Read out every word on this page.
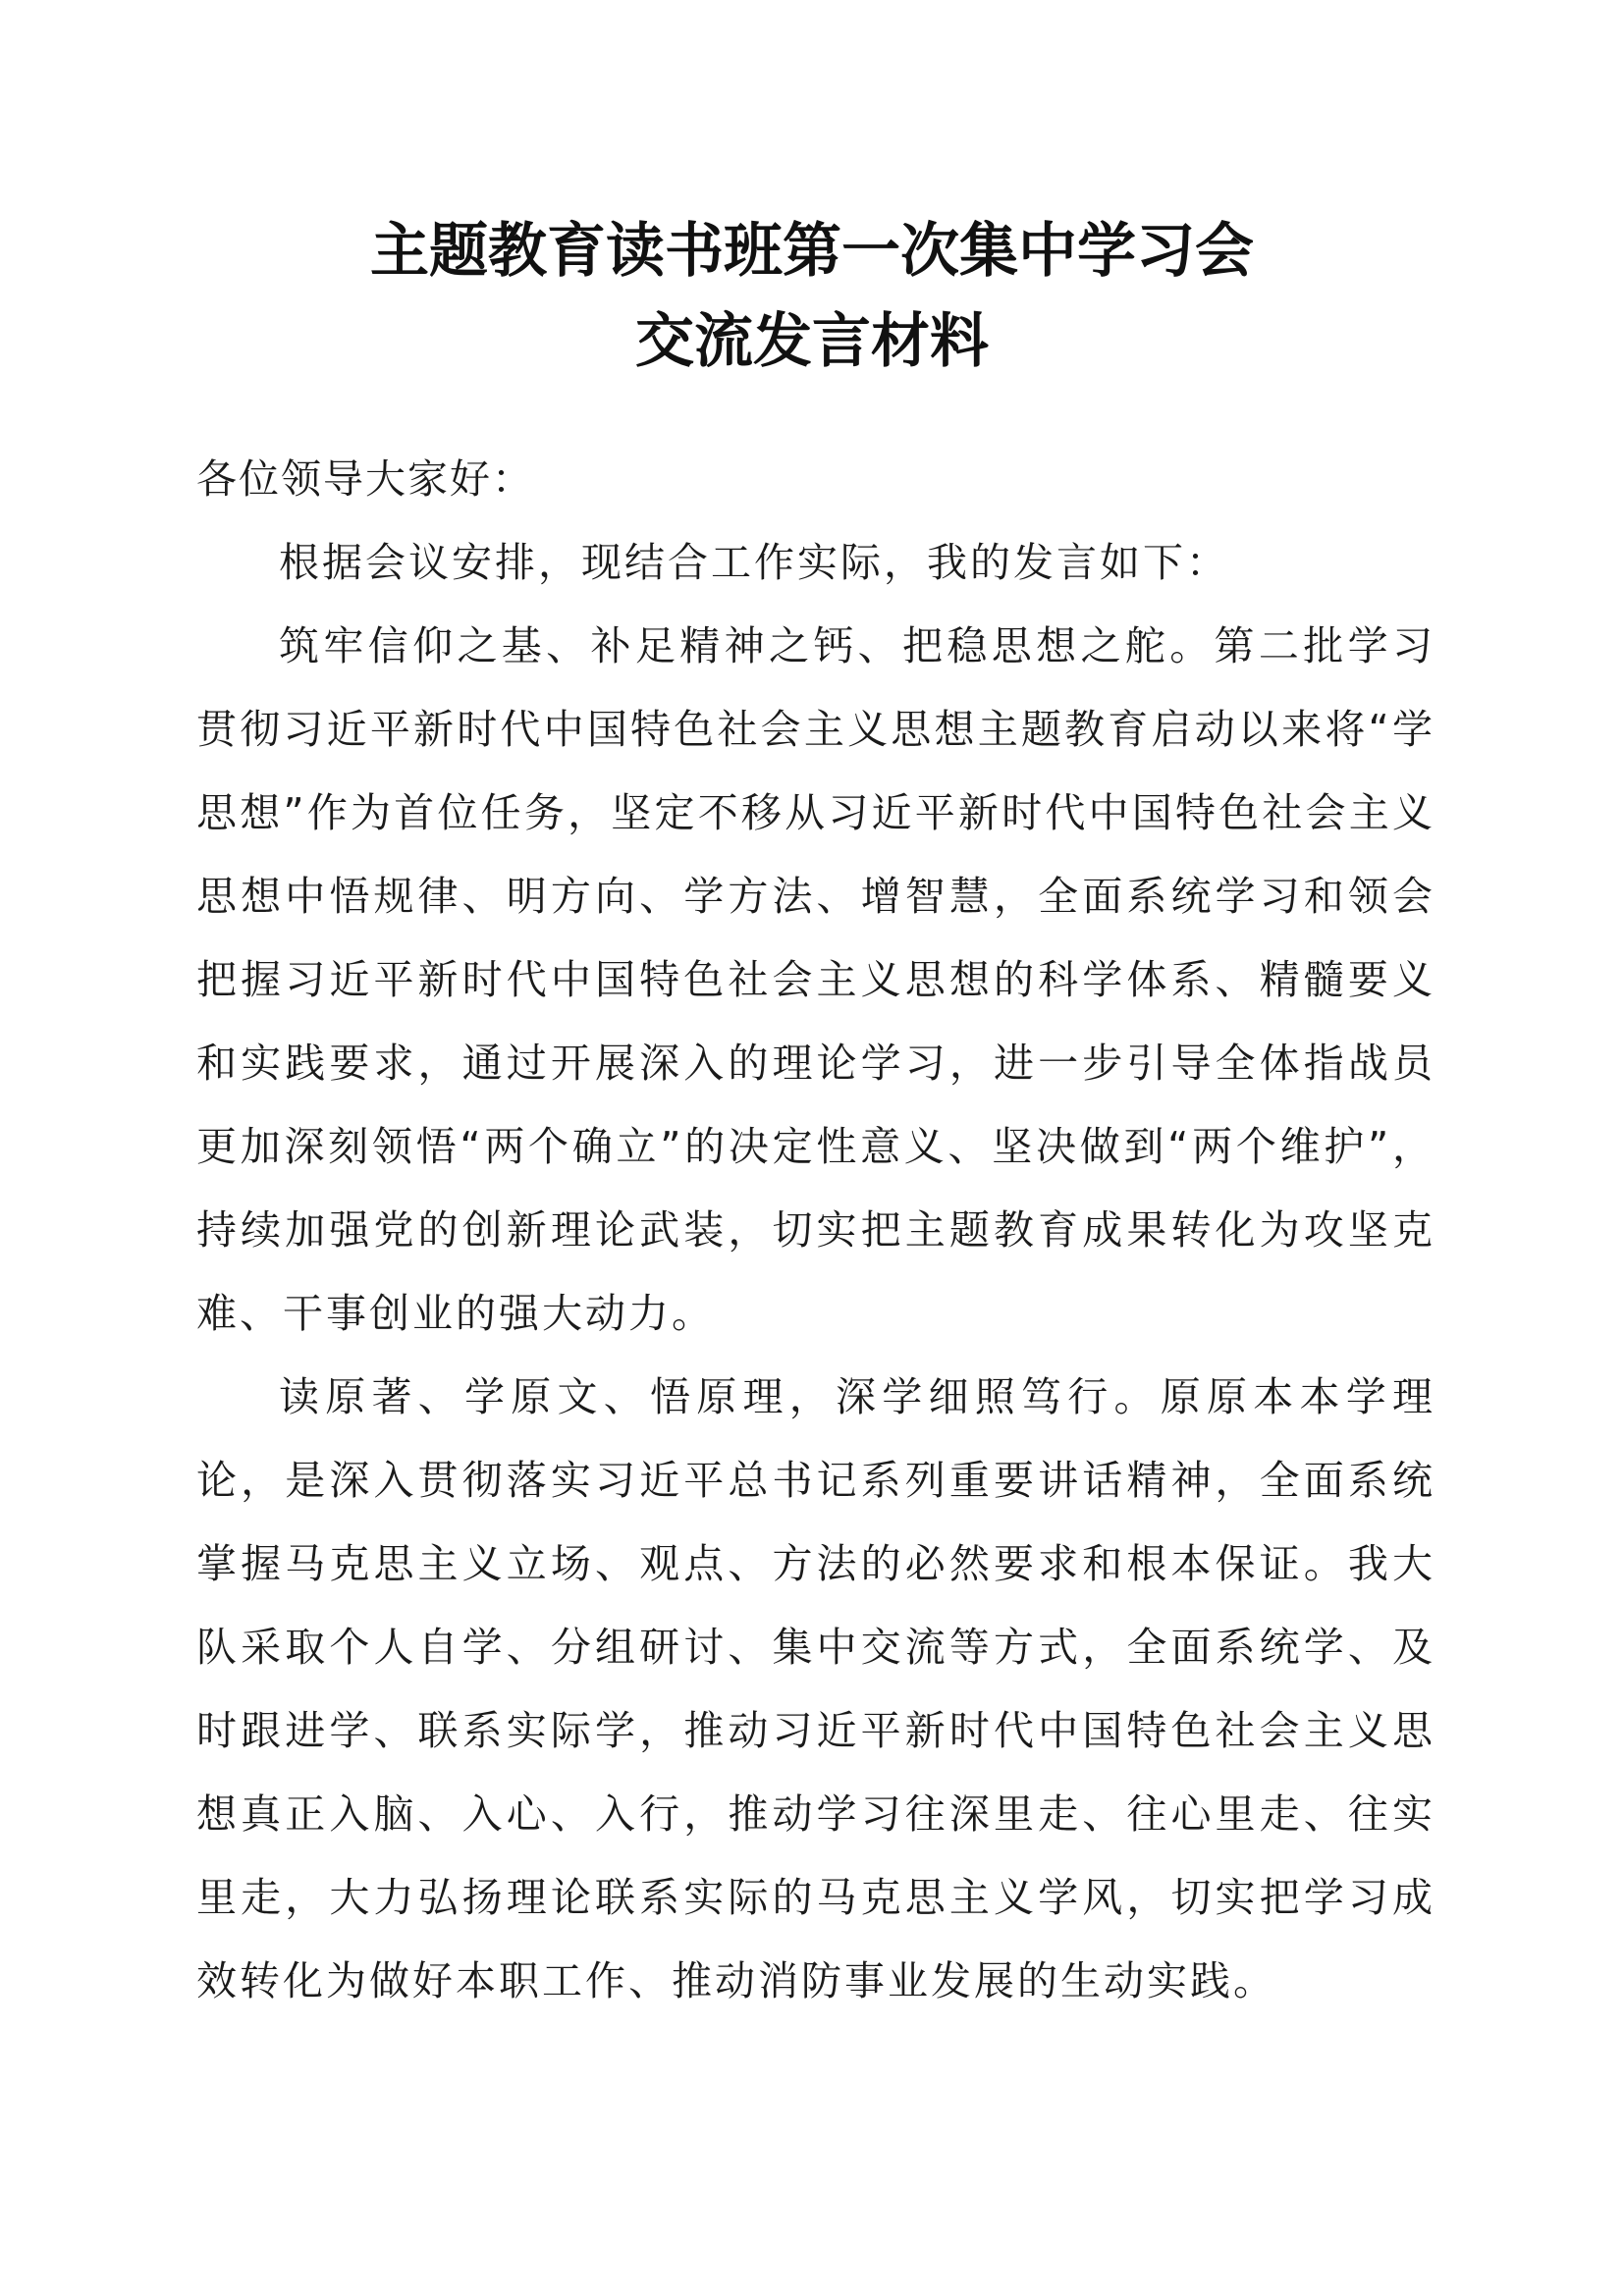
主题教育读书班第一次集中学习会
交流发言材料

各位领导大家好：

根据会议安排，现结合工作实际，我的发言如下：

筑牢信仰之基、补足精神之钙、把稳思想之舵。第二批学习贯彻习近平新时代中国特色社会主义思想主题教育启动以来将“学思想”作为首位任务，坚定不移从习近平新时代中国特色社会主义思想中悟规律、明方向、学方法、增智慧，全面系统学习和领会把握习近平新时代中国特色社会主义思想的科学体系、精髓要义和实践要求，通过开展深入的理论学习，进一步引导全体指战员更加深刻领悟“两个确立”的决定性意义、坚决做到“两个维护”，持续加强党的创新理论武装，切实把主题教育成果转化为攻坚克难、干事创业的强大动力。

读原著、学原文、悟原理，深学细照笃行。原原本本学理论，是深入贯彻落实习近平总书记系列重要讲话精神，全面系统掌握马克思主义立场、观点、方法的必然要求和根本保证。我大队采取个人自学、分组研讨、集中交流等方式，全面系统学、及时跟进学、联系实际学，推动习近平新时代中国特色社会主义思想真正入脑、入心、入行，推动学习往深里走、往心里走、往实里走，大力弘扬理论联系实际的马克思主义学风，切实把学习成效转化为做好本职工作、推动消防事业发展的生动实践。
